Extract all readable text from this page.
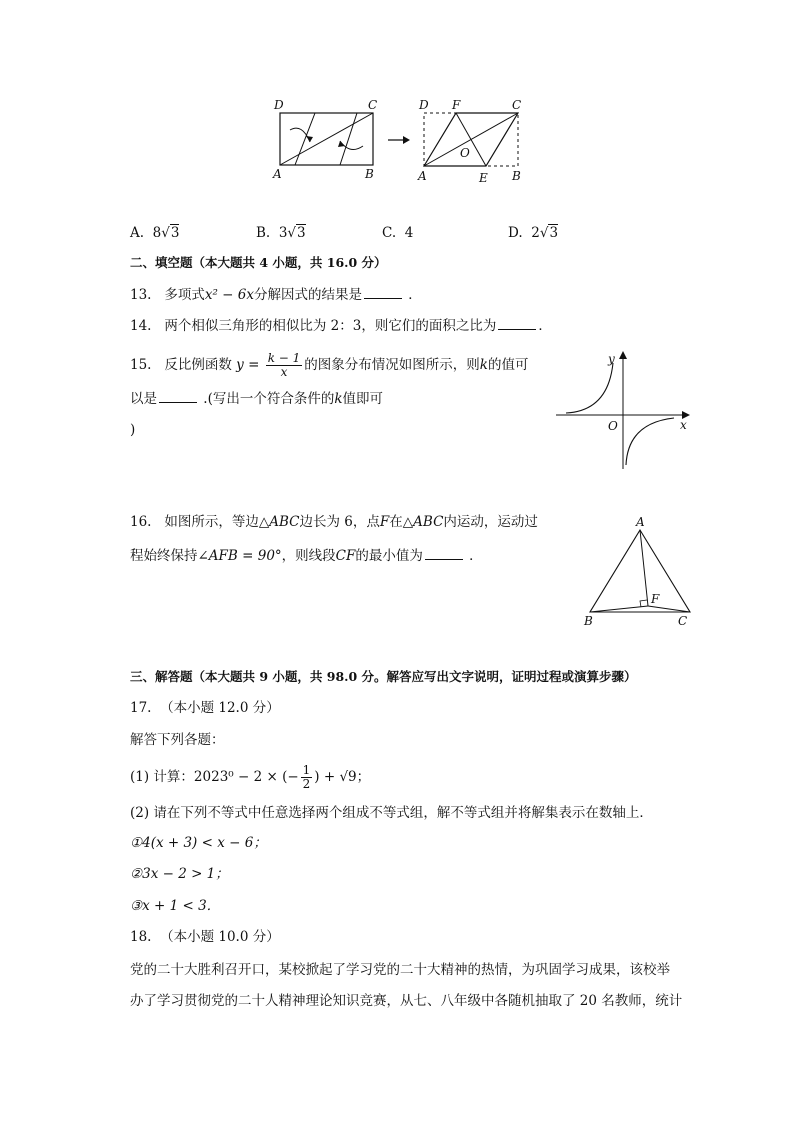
D	C
A	B
D F	C
O
A	E B
A. 8√3	B. 3√3	C. 4	D. 2√3
二、填空题（本大题共 4 小题，共 16.0 分）
13. 多项式x² − 6x分解因式的结果是	．
14. 两个相似三角形的相似比为 2：3，则它们的面积之比为	．
15. 反比例函数 $y = \frac{k - 1}{x}$ 的图象分布情况如图所示，则k的值可
以是	.(写出一个符合条件的k值即可
)
y
x
O
16. 如图所示，等边△ABC边长为 6，点F在△ABC内运动，运动过
程始终保持∠AFB = 90°，则线段CF的最小值为	．
A
B	C
F
三、解答题（本大题共 9 小题，共 98.0 分。解答应写出文字说明，证明过程或演算步骤）
17. （本小题 12.0 分）
解答下列各题：
(1) 计算：2023⁰ − 2 × (− $\frac{1}{2}$ ) + √9；
(2) 请在下列不等式中任意选择两个组成不等式组，解不等式组并将解集表示在数轴上．
①4(x + 3) < x − 6；
②3x − 2 > 1；
③x + 1 < 3．
18. （本小题 10.0 分）
党的二十大胜利召开口，某校掀起了学习党的二十大精神的热情，为巩固学习成果，该校举
办了学习贯彻党的二十人精神理论知识竞赛，从七、八年级中各随机抽取了 20 名教师，统计
